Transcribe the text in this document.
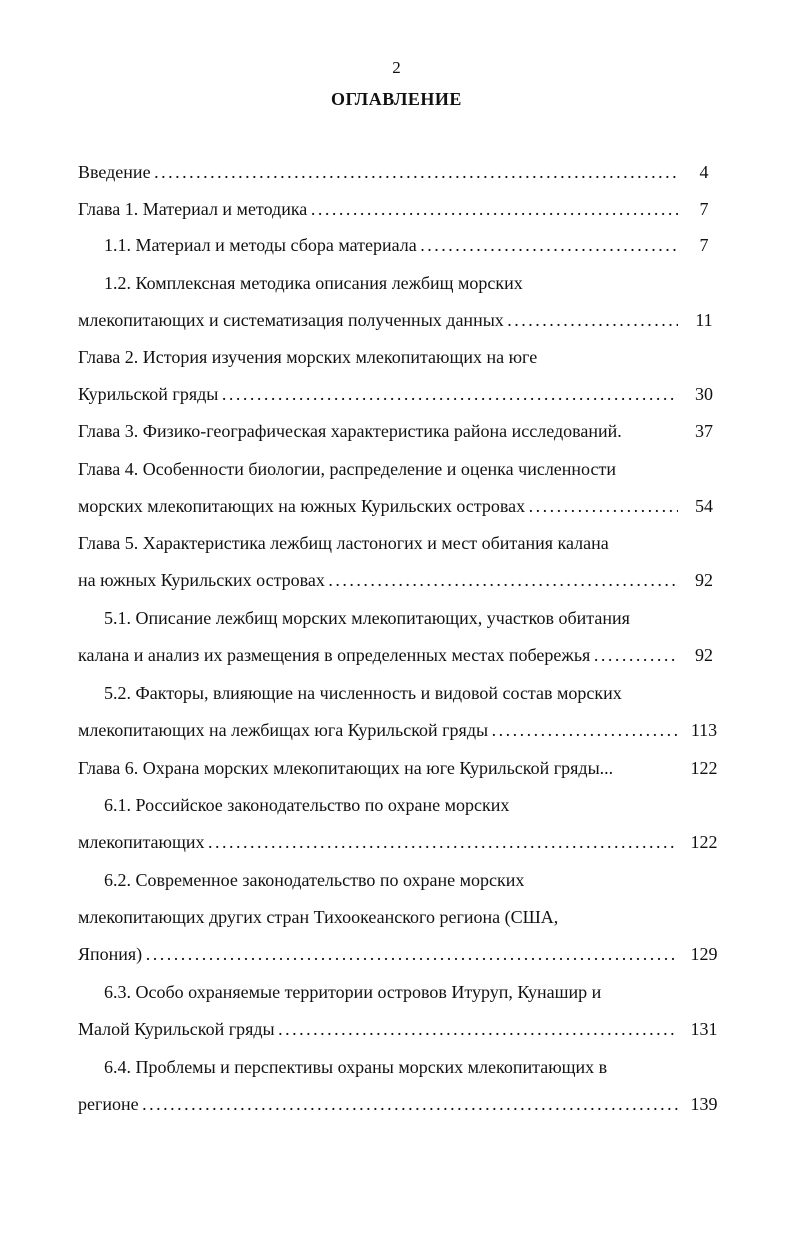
2
ОГЛАВЛЕНИЕ
Введение . . .	4
Глава 1. Материал и методика . . .	7
1.1. Материал и методы сбора материала . . .	7
1.2. Комплексная методика описания лежбищ морских
млекопитающих и систематизация полученных данных . . .	11
Глава 2. История изучения морских млекопитающих на юге
Курильской гряды . . .	30
Глава 3. Физико-географическая характеристика района исследований.	37
Глава 4. Особенности биологии, распределение и оценка численности
морских млекопитающих на южных Курильских островах . . .	54
Глава 5. Характеристика лежбищ ластоногих и мест обитания калана
на южных Курильских островах . . .	92
5.1. Описание лежбищ морских млекопитающих, участков обитания
калана и анализ их размещения в определенных местах побережья . . .	92
5.2. Факторы, влияющие на численность и видовой состав морских
млекопитающих на лежбищах юга Курильской гряды . . .	113
Глава 6. Охрана морских млекопитающих на юге Курильской гряды...	122
6.1. Российское законодательство по охране морских
млекопитающих . . .	122
6.2. Современное законодательство по охране морских
млекопитающих других стран Тихоокеанского региона (США,
Япония) . . .	129
6.3. Особо охраняемые территории островов Итуруп, Кунашир и
Малой Курильской гряды . . .	131
6.4. Проблемы и перспективы охраны морских млекопитающих в
регионе . . .	139
